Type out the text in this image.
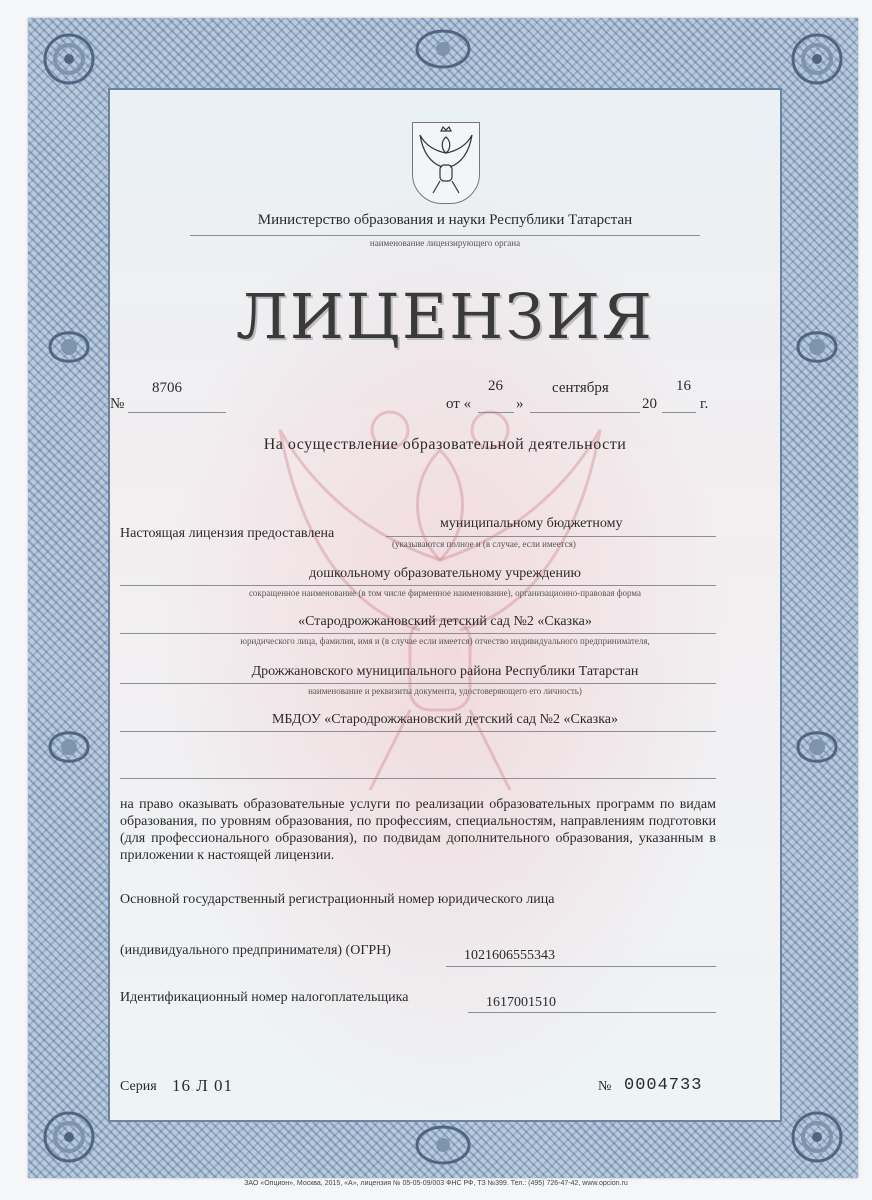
Министерство образования и науки Республики Татарстан
наименование лицензирующего органа
ЛИЦЕНЗИЯ
№
8706
от «
26
»
сентября
20
16
г.
На осуществление образовательной деятельности
Настоящая лицензия предоставлена
муниципальному бюджетному
(указываются полное и (в случае, если имеется)
дошкольному образовательному учреждению
сокращенное наименование (в том числе фирменное наименование), организационно-правовая форма
«Стародрожжановский детский сад №2 «Сказка»
юридического лица, фамилия, имя и (в случае если имеется) отчество индивидуального предпринимателя,
Дрожжановского муниципального района Республики Татарстан
наименование и реквизиты документа, удостоверяющего его личность)
МБДОУ «Стародрожжановский детский сад №2 «Сказка»
на право оказывать образовательные услуги по реализации образовательных программ по видам образования, по уровням образования, по профессиям, специальностям, направлениям подготовки (для профессионального образования), по подвидам дополнительного образования, указанным в приложении к настоящей лицензии.
Основной государственный регистрационный номер юридического лица
(индивидуального предпринимателя) (ОГРН)	1021606555343
Идентификационный номер налогоплательщика	1617001510
Серия 16 Л 01	№ 0004733
ЗАО «Опцион», Москва, 2015, «А», лицензия № 05-05-09/003 ФНС РФ, ТЗ №399. Тел.: (495) 726-47-42, www.opcion.ru
